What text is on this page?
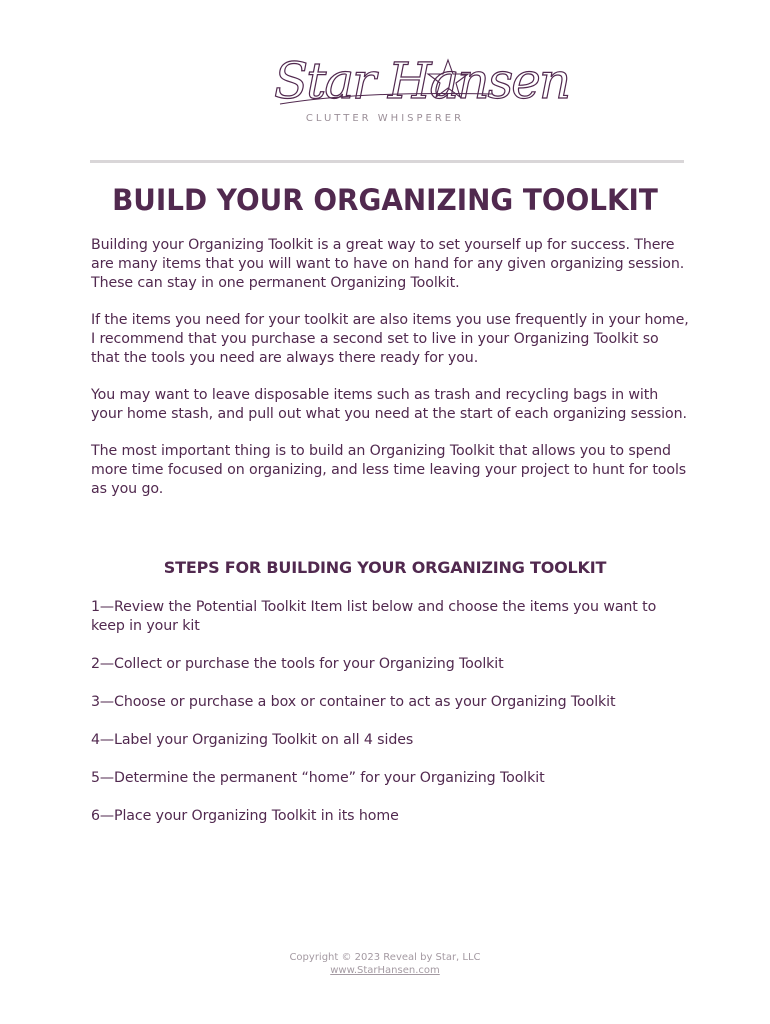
Star Hansen
CLUTTER WHISPERER
BUILD YOUR ORGANIZING TOOLKIT

Building your Organizing Toolkit is a great way to set yourself up for success. There are many items that you will want to have on hand for any given organizing session. These can stay in one permanent Organizing Toolkit.

If the items you need for your toolkit are also items you use frequently in your home, I recommend that you purchase a second set to live in your Organizing Toolkit so that the tools you need are always there ready for you.

You may want to leave disposable items such as trash and recycling bags in with your home stash, and pull out what you need at the start of each organizing session.

The most important thing is to build an Organizing Toolkit that allows you to spend more time focused on organizing, and less time leaving your project to hunt for tools as you go.

STEPS FOR BUILDING YOUR ORGANIZING TOOLKIT
1—Review the Potential Toolkit Item list below and choose the items you want to keep in your kit
2—Collect or purchase the tools for your Organizing Toolkit
3—Choose or purchase a box or container to act as your Organizing Toolkit
4—Label your Organizing Toolkit on all 4 sides
5—Determine the permanent “home” for your Organizing Toolkit
6—Place your Organizing Toolkit in its home
Copyright © 2023 Reveal by Star, LLC
www.StarHansen.com
